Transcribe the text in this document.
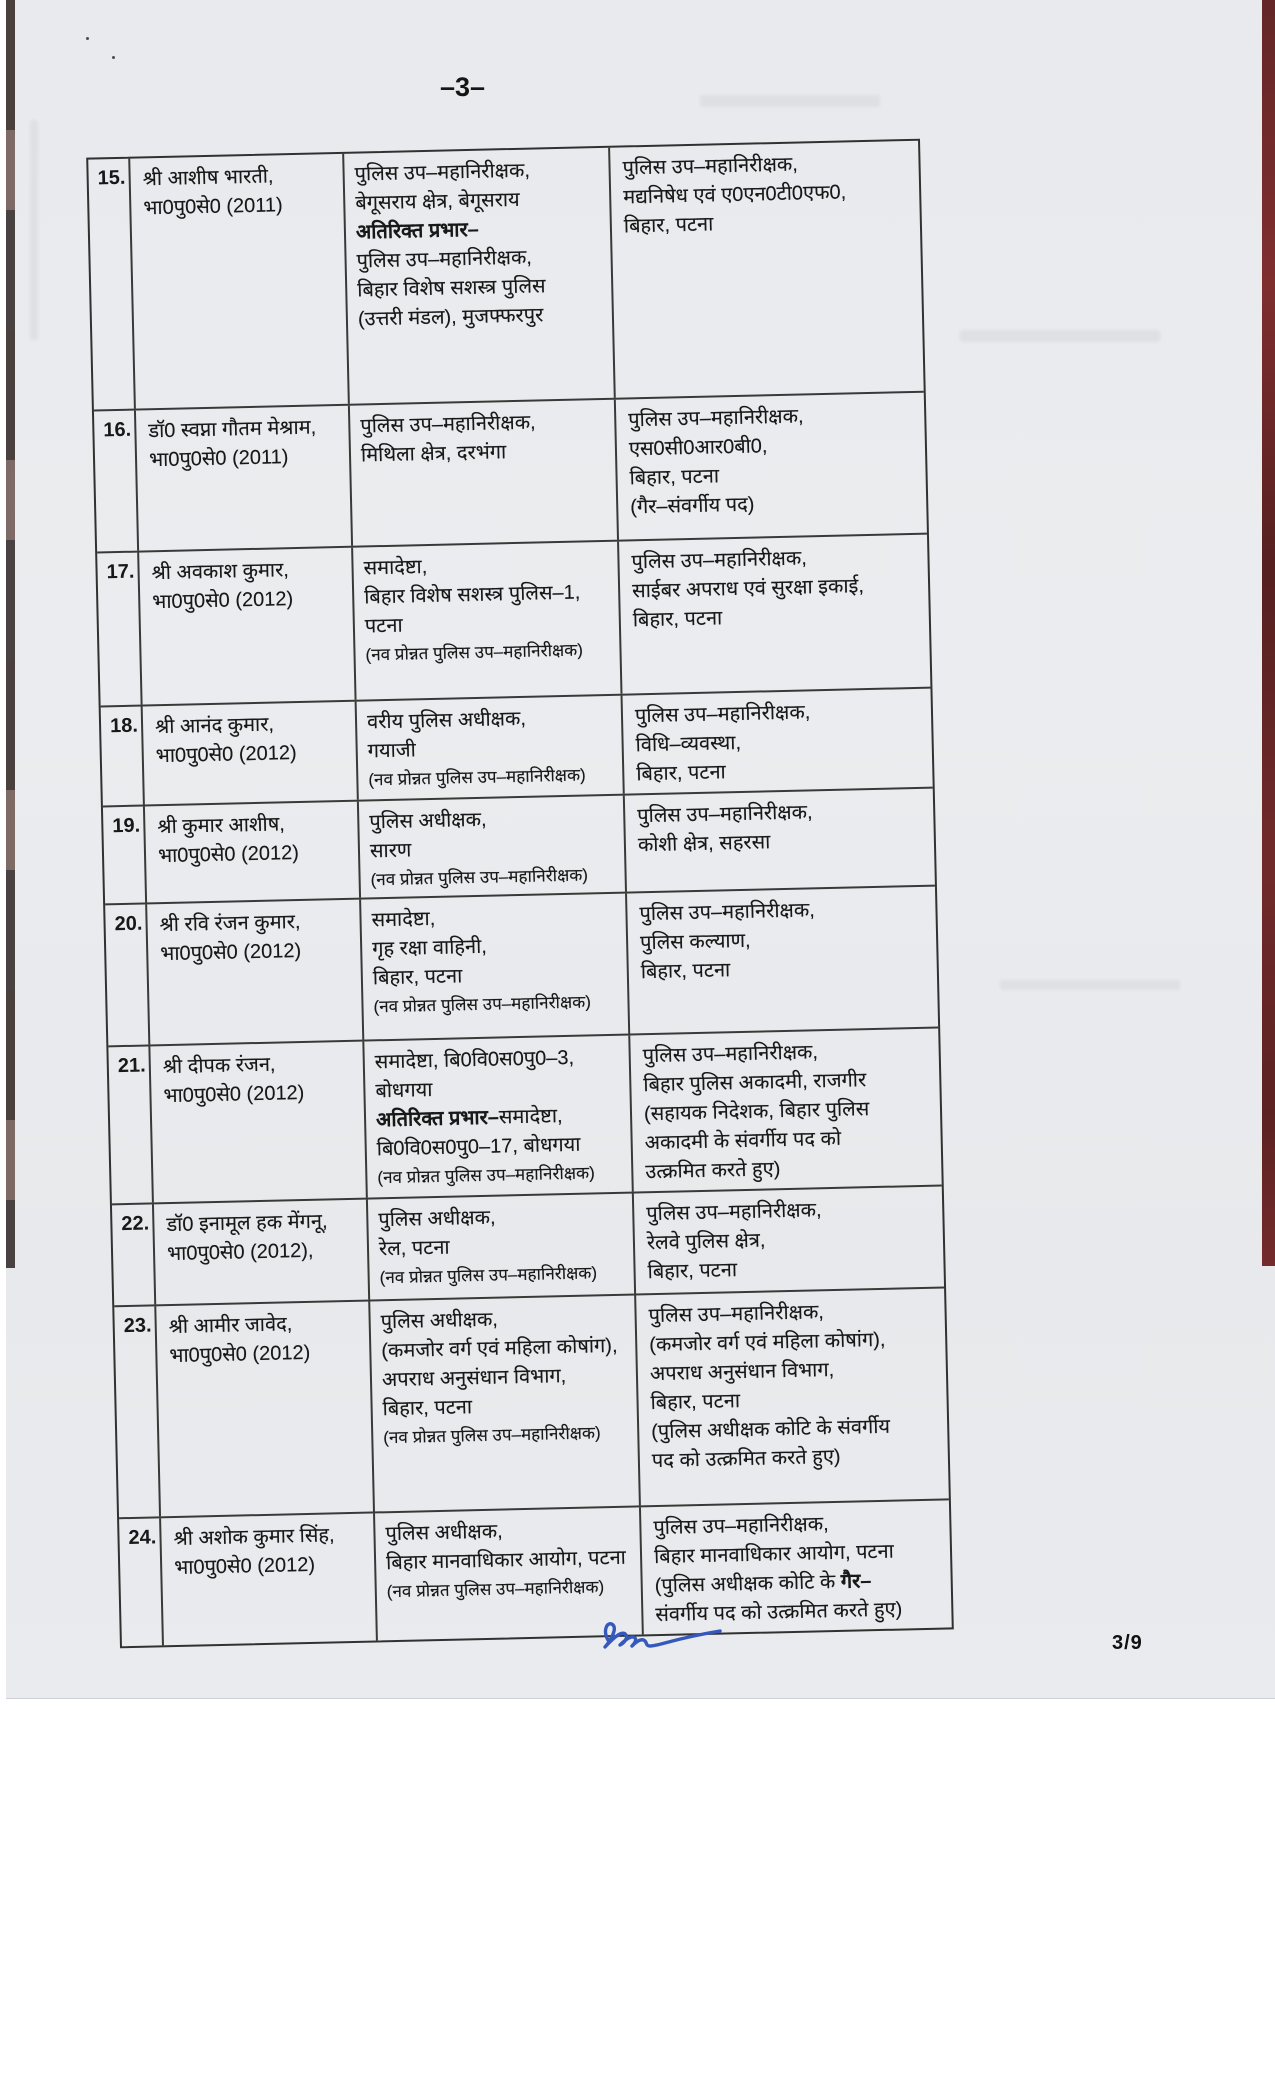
–3–
15. श्री आशीष भारती,
भा0पु0से0 (2011)
पुलिस उप–महानिरीक्षक,
बेगूसराय क्षेत्र, बेगूसराय
अतिरिक्त प्रभार–
पुलिस उप–महानिरीक्षक,
बिहार विशेष सशस्त्र पुलिस
(उत्तरी मंडल), मुजफ्फरपुर
पुलिस उप–महानिरीक्षक,
मद्यनिषेध एवं ए0एन0टी0एफ0,
बिहार, पटना
16. डॉ0 स्वप्ना गौतम मेश्राम,
भा0पु0से0 (2011)
पुलिस उप–महानिरीक्षक,
मिथिला क्षेत्र, दरभंगा
पुलिस उप–महानिरीक्षक,
एस0सी0आर0बी0,
बिहार, पटना
(गैर–संवर्गीय पद)
17. श्री अवकाश कुमार,
भा0पु0से0 (2012)
समादेष्टा,
बिहार विशेष सशस्त्र पुलिस–1,
पटना
(नव प्रोन्नत पुलिस उप–महानिरीक्षक)
पुलिस उप–महानिरीक्षक,
साईबर अपराध एवं सुरक्षा इकाई,
बिहार, पटना
18. श्री आनंद कुमार,
भा0पु0से0 (2012)
वरीय पुलिस अधीक्षक,
गयाजी
(नव प्रोन्नत पुलिस उप–महानिरीक्षक)
पुलिस उप–महानिरीक्षक,
विधि–व्यवस्था,
बिहार, पटना
19. श्री कुमार आशीष,
भा0पु0से0 (2012)
पुलिस अधीक्षक,
सारण
(नव प्रोन्नत पुलिस उप–महानिरीक्षक)
पुलिस उप–महानिरीक्षक,
कोशी क्षेत्र, सहरसा
20. श्री रवि रंजन कुमार,
भा0पु0से0 (2012)
समादेष्टा,
गृह रक्षा वाहिनी,
बिहार, पटना
(नव प्रोन्नत पुलिस उप–महानिरीक्षक)
पुलिस उप–महानिरीक्षक,
पुलिस कल्याण,
बिहार, पटना
21. श्री दीपक रंजन,
भा0पु0से0 (2012)
समादेष्टा, बि0वि0स0पु0–3,
बोधगया
अतिरिक्त प्रभार–समादेष्टा,
बि0वि0स0पु0–17, बोधगया
(नव प्रोन्नत पुलिस उप–महानिरीक्षक)
पुलिस उप–महानिरीक्षक,
बिहार पुलिस अकादमी, राजगीर
(सहायक निदेशक, बिहार पुलिस
अकादमी के संवर्गीय पद को
उत्क्रमित करते हुए)
22. डॉ0 इनामूल हक मेंगनू,
भा0पु0से0 (2012),
पुलिस अधीक्षक,
रेल, पटना
(नव प्रोन्नत पुलिस उप–महानिरीक्षक)
पुलिस उप–महानिरीक्षक,
रेलवे पुलिस क्षेत्र,
बिहार, पटना
23. श्री आमीर जावेद,
भा0पु0से0 (2012)
पुलिस अधीक्षक,
(कमजोर वर्ग एवं महिला कोषांग),
अपराध अनुसंधान विभाग,
बिहार, पटना
(नव प्रोन्नत पुलिस उप–महानिरीक्षक)
पुलिस उप–महानिरीक्षक,
(कमजोर वर्ग एवं महिला कोषांग),
अपराध अनुसंधान विभाग,
बिहार, पटना
(पुलिस अधीक्षक कोटि के संवर्गीय
पद को उत्क्रमित करते हुए)
24. श्री अशोक कुमार सिंह,
भा0पु0से0 (2012)
पुलिस अधीक्षक,
बिहार मानवाधिकार आयोग, पटना
(नव प्रोन्नत पुलिस उप–महानिरीक्षक)
पुलिस उप–महानिरीक्षक,
बिहार मानवाधिकार आयोग, पटना
(पुलिस अधीक्षक कोटि के गैर–
संवर्गीय पद को उत्क्रमित करते हुए)
3/9
